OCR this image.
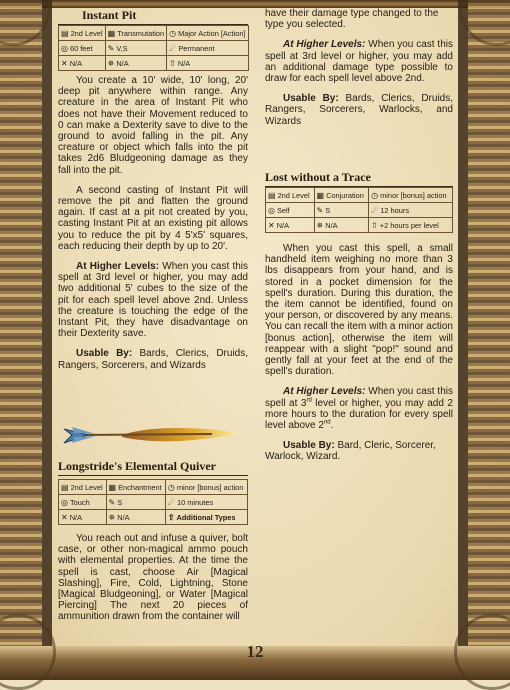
Instant Pit
▤ 2nd Level	▦ Transmutation	◷ Major Action [Action]
◎ 60 feet	✎ V,S	☄ Permanent
✕ N/A	✵ N/A	⇧ N/A

You create a 10' wide, 10' long, 20' deep pit anywhere within range. Any creature in the area of Instant Pit who does not have their Movement reduced to 0 can make a Dexterity save to dive to the ground to avoid falling in the pit. Any creature or object which falls into the pit takes 2d6 Bludgeoning damage as they fall into the pit.

A second casting of Instant Pit will remove the pit and flatten the ground again. If cast at a pit not created by you, casting Instant Pit at an existing pit allows you to reduce the pit by 4 5'x5' squares, each reducing their depth by up to 20'.

At Higher Levels: When you cast this spell at 3rd level or higher, you may add two additional 5' cubes to the size of the pit for each spell level above 2nd. Unless the creature is touching the edge of the Instant Pit, they have disadvantage on their Dexterity save.

Usable By: Bards, Clerics, Druids, Rangers, Sorcerers, and Wizards

Longstride's Elemental Quiver
▤ 2nd Level	▦ Enchantment	◷ minor [bonus] action
◎ Touch	✎ S	☄ 10 minutes
✕ N/A	✵ N/A	⇧ Additional Types

You reach out and infuse a quiver, bolt case, or other non-magical ammo pouch with elemental properties. At the time the spell is cast, choose Air [Magical Slashing], Fire, Cold, Lightning, Stone [Magical Bludgeoning], or Water [Magical Piercing] The next 20 pieces of ammunition drawn from the container will

have their damage type changed to the type you selected.

At Higher Levels: When you cast this spell at 3rd level or higher, you may add an additional damage type possible to draw for each spell level above 2nd.

Usable By: Bards, Clerics, Druids, Rangers, Sorcerers, Warlocks, and Wizards

Lost without a Trace
▤ 2nd Level	▦ Conjuration	◷ minor [bonus] action
◎ Self	✎ S	☄ 12 hours
✕ N/A	✵ N/A	⇧ +2 hours per level

When you cast this spell, a small handheld item weighing no more than 3 lbs disappears from your hand, and is stored in a pocket dimension for the spell's duration. During this duration, the the item cannot be identified, found on your person, or discovered by any means. You can recall the item with a minor action [bonus action], otherwise the item will reappear with a slight "pop!" sound and gently fall at your feet at the end of the spell's duration.

At Higher Levels: When you cast this spell at 3rd level or higher, you may add 2 more hours to the duration for every spell level above 2nd.

Usable By: Bard, Cleric, Sorcerer, Warlock, Wizard.

12
